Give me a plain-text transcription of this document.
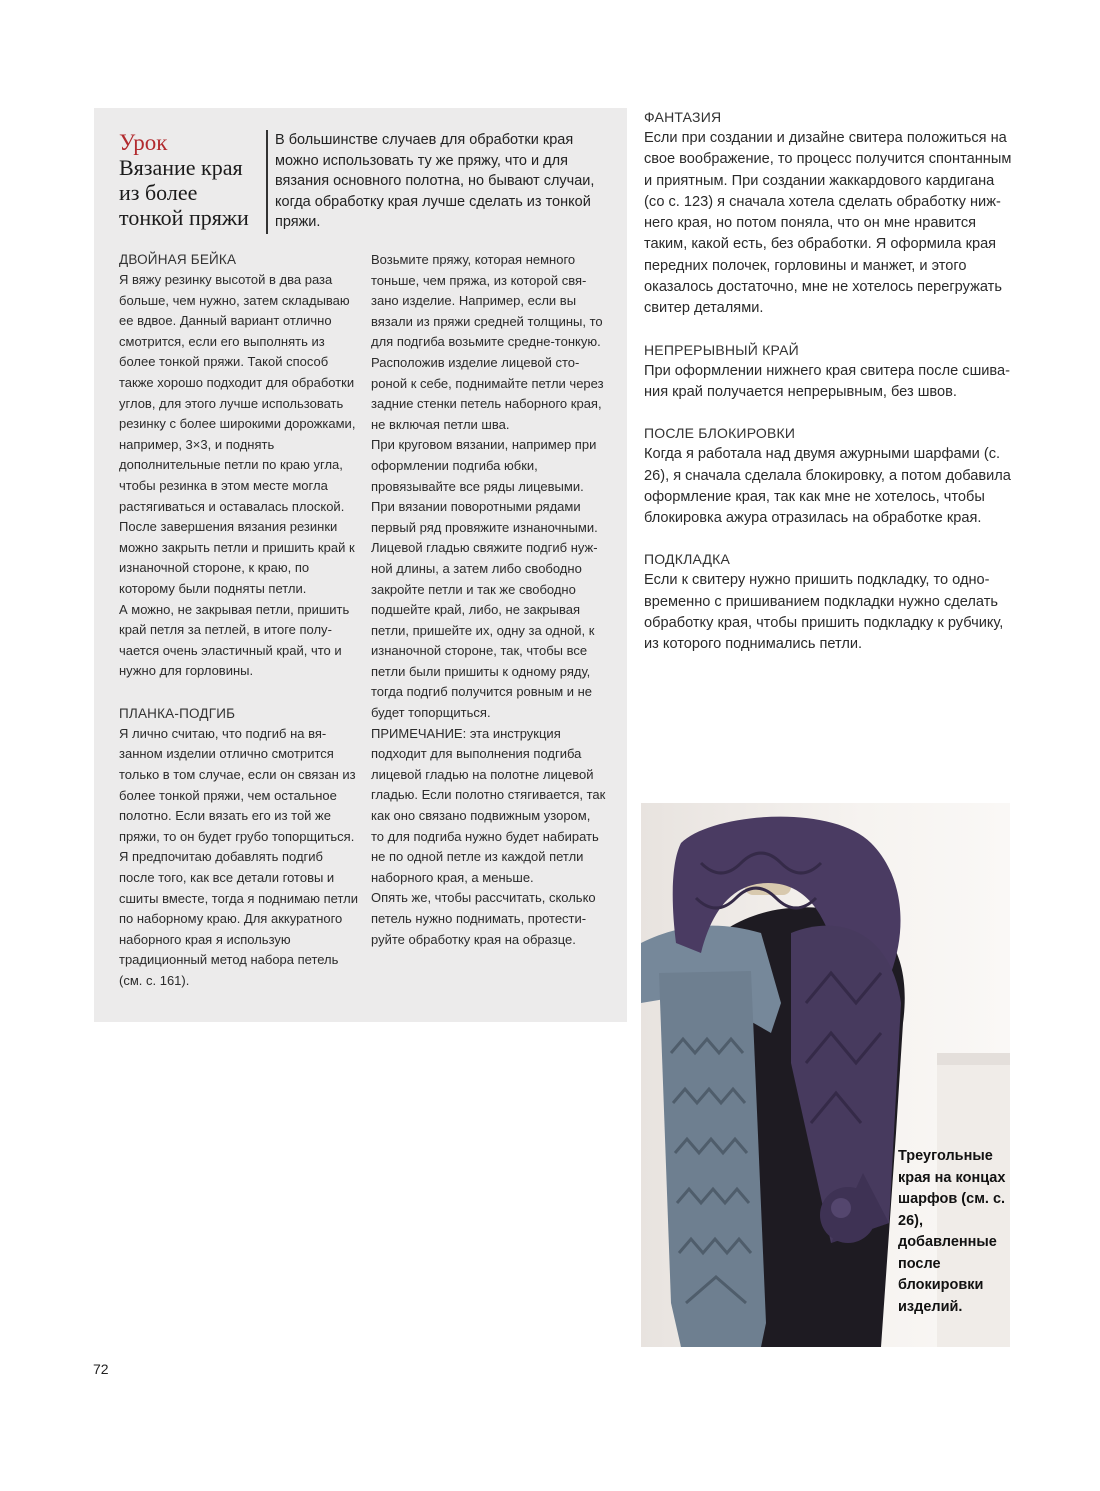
Урок
Вязание края
из более
тонкой пряжи
В большинстве случаев для обработки края можно использовать ту же пряжу, что и для вязания основного полотна, но бывают случаи, когда обработку края лучше сделать из тонкой пряжи.
ДВОЙНАЯ БЕЙКА

Я вяжу резинку высотой в два раза больше, чем нужно, затем складываю ее вдвое. Данный вариант отлично смотрится, если его выполнять из более тонкой пряжи. Такой способ также хорошо подходит для обработки углов, для этого лучше использовать резинку с более широкими дорожками, например, 3×3, и поднять дополнительные петли по краю угла, чтобы резинка в этом месте могла растягиваться и оставалась плоской.

После завершения вязания резинки можно закрыть петли и пришить край к изнаночной стороне, к краю, по которому были подняты петли.

А можно, не закрывая петли, пришить край петля за петлей, в итоге получается очень эластичный край, что и нужно для горловины.

ПЛАНКА-ПОДГИБ

Я лично считаю, что подгиб на вязанном изделии отлично смотрится только в том случае, если он связан из более тонкой пряжи, чем остальное полотно. Если вязать его из той же пряжи, то он будет грубо топорщиться.

Я предпочитаю добавлять подгиб после того, как все детали готовы и сшиты вместе, тогда я поднимаю петли по наборному краю. Для аккуратного наборного края я использую традиционный метод набора петель (см. с. 161).

Возьмите пряжу, которая немного тоньше, чем пряжа, из которой связано изделие. Например, если вы вязали из пряжи средней толщины, то для подгиба возьмите средне-тонкую.

Расположив изделие лицевой стороной к себе, поднимайте петли через задние стенки петель наборного края, не включая петли шва.

При круговом вязании, например при оформлении подгиба юбки, провязывайте все ряды лицевыми.

При вязании поворотными рядами первый ряд провяжите изнаночными.

Лицевой гладью свяжите подгиб нужной длины, а затем либо свободно закройте петли и так же свободно подшейте край, либо, не закрывая петли, пришейте их, одну за одной, к изнаночной стороне, так, чтобы все петли были пришиты к одному ряду, тогда подгиб получится ровным и не будет топорщиться.

ПРИМЕЧАНИЕ: эта инструкция подходит для выполнения подгиба лицевой гладью на полотне лицевой гладью. Если полотно стягивается, так как оно связано подвижным узором, то для подгиба нужно будет набирать не по одной петле из каждой петли наборного края, а меньше.

Опять же, чтобы рассчитать, сколько петель нужно поднимать, протестируйте обработку края на образце.

ФАНТАЗИЯ

Если при создании и дизайне свитера положиться на свое воображение, то процесс получится спонтанным и приятным. При создании жаккардового кардигана (со с. 123) я сначала хотела сделать обработку нижнего края, но потом поняла, что он мне нравится таким, какой есть, без обработки. Я оформила края передних полочек, горловины и манжет, и этого оказалось достаточно, мне не хотелось перегружать свитер деталями.

НЕПРЕРЫВНЫЙ КРАЙ

При оформлении нижнего края свитера после сшивания край получается непрерывным, без швов.

ПОСЛЕ БЛОКИРОВКИ

Когда я работала над двумя ажурными шарфами (с. 26), я сначала сделала блокировку, а потом добавила оформление края, так как мне не хотелось, чтобы блокировка ажура отразилась на обработке края.

ПОДКЛАДКА

Если к свитеру нужно пришить подкладку, то одновременно с пришиванием подкладки нужно сделать обработку края, чтобы пришить подкладку к рубчику, из которого поднимались петли.

Треугольные края на концах шарфов (см. с. 26), добавленные после блокировки изделий.
72
